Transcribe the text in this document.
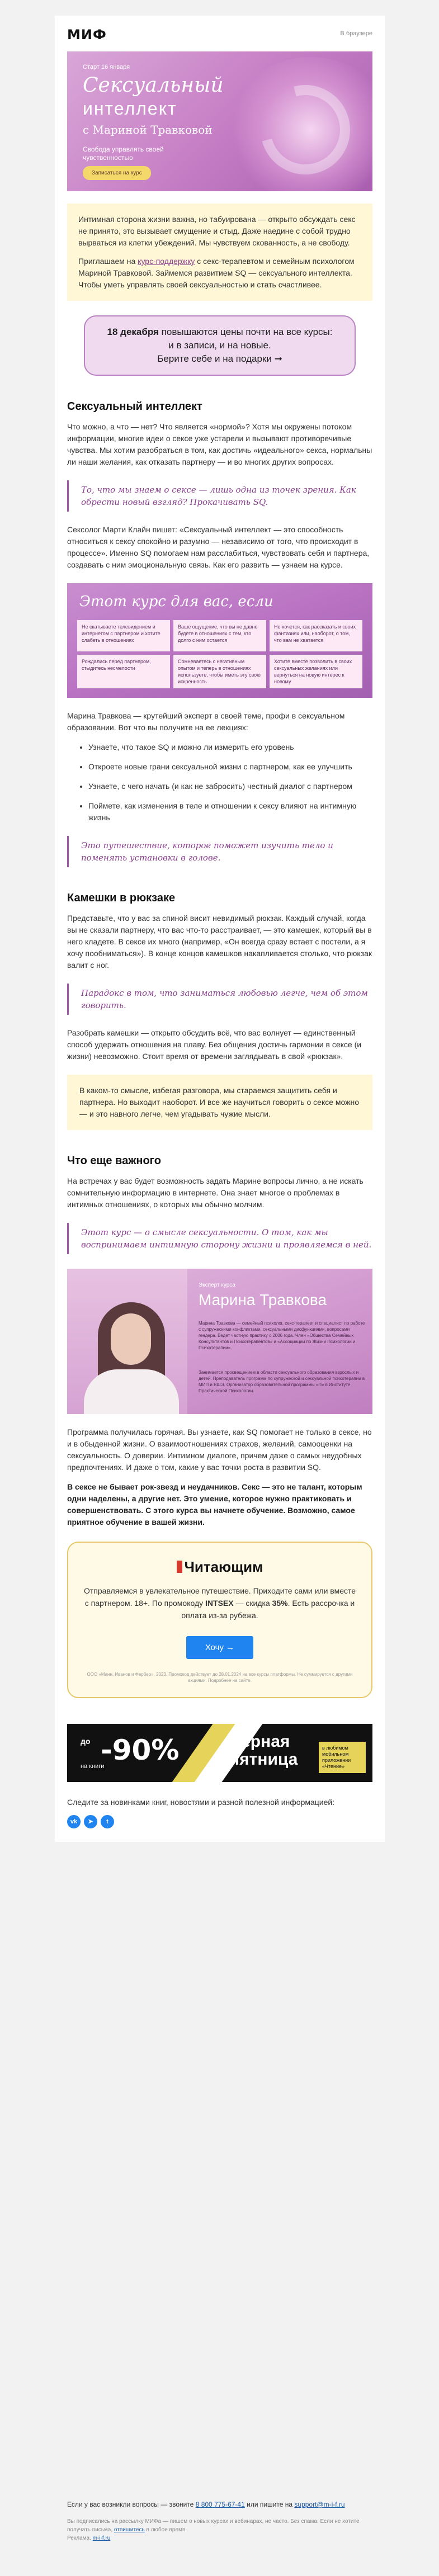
МИФ	В браузере
Старт 16 января
Сексуальный
интеллект
с Мариной Травковой
Свобода управлять своей чувственностью
Записаться на курс

Интимная сторона жизни важна, но табуирована — открыто обсуждать секс не принято, это вызывает смущение и стыд. Даже наедине с собой трудно вырваться из клетки убеждений. Мы чувствуем скованность, а не свободу.

Приглашаем на курс-поддержку с секс-терапевтом и семейным психологом Мариной Травковой. Займемся развитием SQ — сексуального интеллекта. Чтобы уметь управлять своей сексуальностью и стать счастливее.

18 декабря повышаются цены почти на все курсы:
и в записи, и на новые.
Берите себе и на подарки ➞
Сексуальный интеллект

Что можно, а что — нет? Что является «нормой»? Хотя мы окружены потоком информации, многие идеи о сексе уже устарели и вызывают противоречивые чувства. Мы хотим разобраться в том, как достичь «идеального» секса, нормальны ли наши желания, как отказать партнеру — и во многих других вопросах.

То, что мы знаем о сексе — лишь одна из точек зрения. Как обрести новый взгляд? Прокачивать SQ.

Сексолог Марти Клайн пишет: «Сексуальный интеллект — это способность относиться к сексу спокойно и разумно — независимо от того, что происходит в процессе». Именно SQ помогаем нам расслабиться, чувствовать себя и партнера, создавать с ним эмоциональную связь. Как его развить — узнаем на курсе.

Этот курс для вас, если
Не скатываете телевидением и интернетом с партнером и хотите слабеть в отношениях
Ваше ощущение, что вы не давно будете в отношениях с тем, кто долго с ним остается
Не хочется, как рассказать и своих фантазиях или, наоборот, о том, что вам не хватается
Рождались перед партнером, стыдитесь несмелости
Сомневаетесь с негативным опытом и теперь в отношениях используете, чтобы иметь эту свою искренность
Хотите вместе позволить в своих сексуальных желаниях или вернуться на новую интерес к новому

Марина Травкова — крутейший эксперт в своей теме, профи в сексуальном образовании. Вот что вы получите на ее лекциях:

• Узнаете, что такое SQ и можно ли измерить его уровень
• Откроете новые грани сексуальной жизни с партнером, как ее улучшить
• Узнаете, с чего начать (и как не забросить) честный диалог с партнером
• Поймете, как изменения в теле и отношении к сексу влияют на интимную жизнь
Это путешествие, которое поможет изучить тело и поменять установки в голове.
Камешки в рюкзаке

Представьте, что у вас за спиной висит невидимый рюкзак. Каждый случай, когда вы не сказали партнеру, что вас что-то расстраивает, — это камешек, который вы в него кладете. В сексе их много (например, «Он всегда сразу встает с постели, а я хочу пообниматься»). В конце концов камешков накапливается столько, что рюкзак валит с ног.

Парадокс в том, что заниматься любовью легче, чем об этом говорить.

Разобрать камешки — открыто обсудить всё, что вас волнует — единственный способ удержать отношения на плаву. Без общения достичь гармонии в сексе (и жизни) невозможно. Стоит время от времени заглядывать в свой «рюкзак».

В каком-то смысле, избегая разговора, мы стараемся защитить себя и партнера. Но выходит наоборот. И все же научиться говорить о сексе можно — и это навного легче, чем угадывать чужие мысли.
Что еще важного

На встречах у вас будет возможность задать Марине вопросы лично, а не искать сомнительную информацию в интернете. Она знает многое о проблемах в интимных отношениях, о которых мы обычно молчим.

Этот курс — о смысле сексуальности. О том, как мы воспринимаем интимную сторону жизни и проявляемся в ней.
Эксперт курса
Марина Травкова
Марина Травкова — семейный психолог, секс-терапевт и специалист по работе с супружескими конфликтами, сексуальными дисфункциями, вопросами гендера. Ведет частную практику с 2006 года. Член «Общества Семейных Консультантов и Психотерапевтов» и «Ассоциации по Жизни Психологии и Психотерапии».
Занимается просвещением в области сексуального образования взрослых и детей. Преподаватель программ по супружеской и сексуальной психотерапии в МИП и ВШЭ. Организатор образовательной программы «П» в Институте Практической Психологии.

Программа получилась горячая. Вы узнаете, как SQ помогает не только в сексе, но и в обыденной жизни. О взаимоотношениях страхов, желаний, самооценки на сексуальность. О доверии. Интимном диалоге, причем даже о самых неудобных предпочтениях. И даже о том, какие у вас точки роста в развитии SQ.

В сексе не бывает рок-звезд и неудачников. Секс — это не талант, которым одни наделены, а другие нет. Это умение, которое нужно практиковать и совершенствовать. С этого курса вы начнете обучение. Возможно, самое приятное обучение в вашей жизни.

Читающим
Отправляемся в увлекательное путешествие. Приходите сами или вместе с партнером. 18+. По промокоду INTSEX — скидка 35%. Есть рассрочка и оплата из-за рубежа.
Хочу →
ООО «Манн, Иванов и Фербер», 2023. Промокод действует до 28.01.2024 на все курсы платформы. Не суммируется с другими акциями. Подробнее на сайте.
до -90%
на книги
Чёрная пятница
в любимом мобильном приложении «Чтение»

Следите за новинками книг, новостями и разной полезной информацией:

vk	➤	t
Если у вас возникли вопросы — звоните 8 800 775-67-41 или пишите на support@m-i-f.ru
Вы подписались на рассылку МИФа — пишем о новых курсах и вебинарах, не часто. Без спама. Если не хотите получать письма, отпишитесь в любое время.
Реклама. m-i-f.ru
